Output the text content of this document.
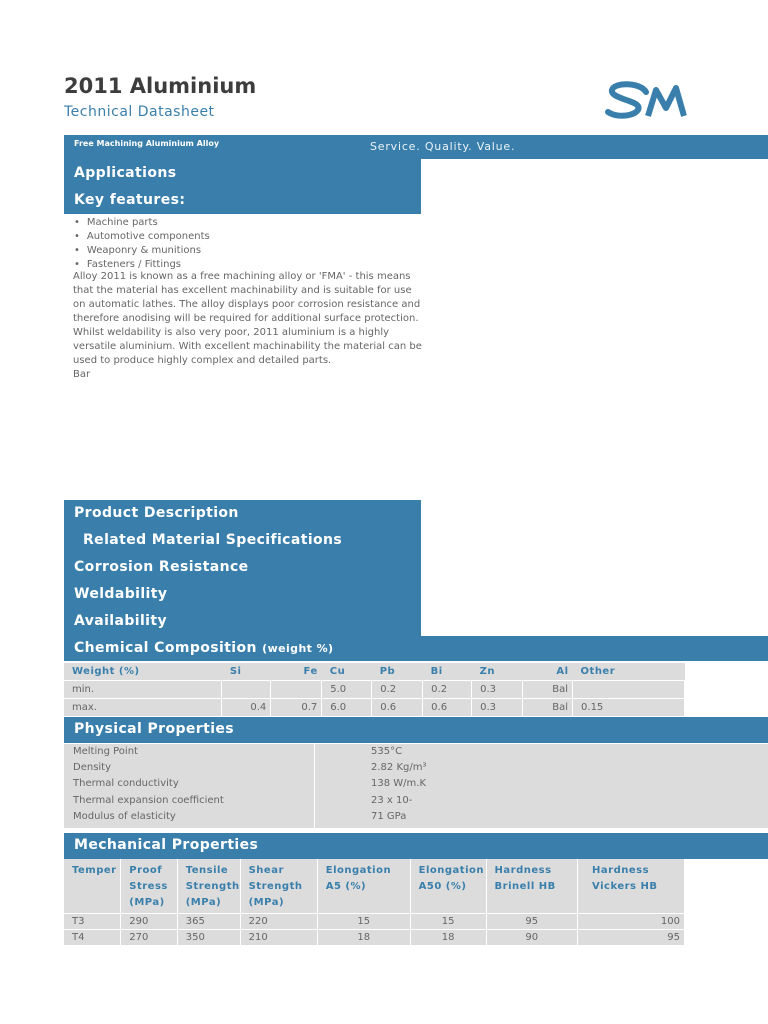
2011 Aluminium
Technical Datasheet
Free Machining Aluminium Alloy	Service. Quality. Value.
Applications
Key features:
• Machine parts
• Automotive components
• Weaponry & munitions
• Fasteners / Fittings

Alloy 2011 is known as a free machining alloy or 'FMA' - this means that the material has excellent machinability and is suitable for use on automatic lathes. The alloy displays poor corrosion resistance and therefore anodising will be required for additional surface protection. Whilst weldability is also very poor, 2011 aluminium is a highly versatile aluminium. With excellent machinability the material can be used to produce highly complex and detailed parts.

Bar

Product Description
Related Material Specifications
Corrosion Resistance
Weldability
Availability
Chemical Composition (weight %)
Weight (%)	Si	Fe	Cu	Pb	Bi	Zn	Al	Other
min.			5.0	0.2	0.2	0.3	Bal	
max.	0.4	0.7	6.0	0.6	0.6	0.3	Bal	0.15
Physical Properties
Melting Point	535°C
Density	2.82 Kg/m³
Thermal conductivity	138 W/m.K
Thermal expansion coefficient	23 x 10-
Modulus of elasticity	71 GPa
Mechanical Properties
Temper	Proof Stress (MPa)	Tensile Strength (MPa)	Shear Strength (MPa)	Elongation A5 (%)	Elongation A50 (%)	Hardness Brinell HB	Hardness Vickers HB
T3	290	365	220	15	15	95	100
T4	270	350	210	18	18	90	95
